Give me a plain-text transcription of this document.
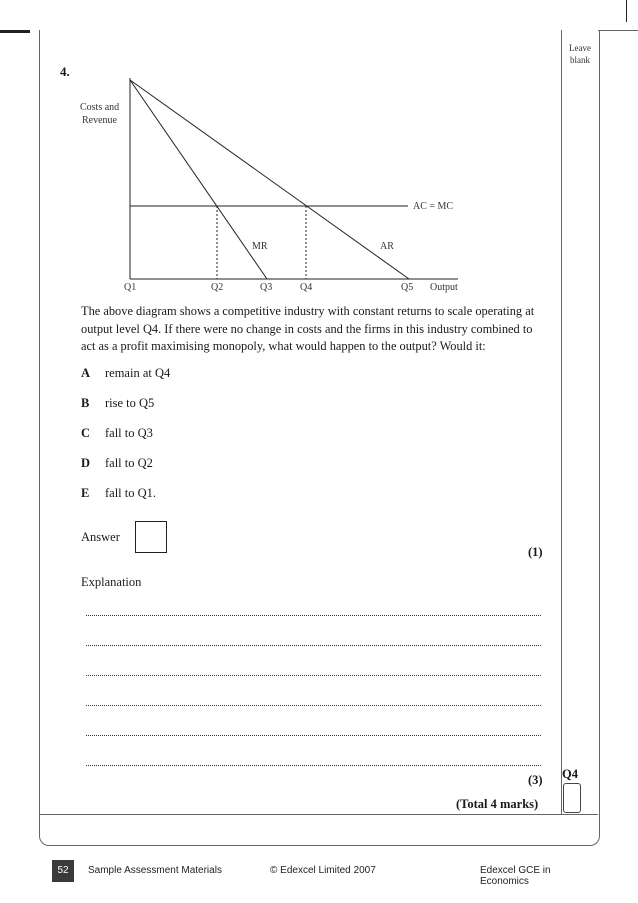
Leave blank
4.
Costs and
Revenue
AC = MC
MR	AR
Q1	Q2	Q3	Q4	Q5 Output
The above diagram shows a competitive industry with constant returns to scale operating at output level Q4. If there were no change in costs and the firms in this industry combined to act as a profit maximising monopoly, what would happen to the output? Would it:
A remain at Q4
B rise to Q5
C fall to Q3
D fall to Q2
E fall to Q1.
Answer
(1)
Explanation
(3)
(Total 4 marks)
Q4
52	Sample Assessment Materials	© Edexcel Limited 2007	Edexcel GCE in Economics
